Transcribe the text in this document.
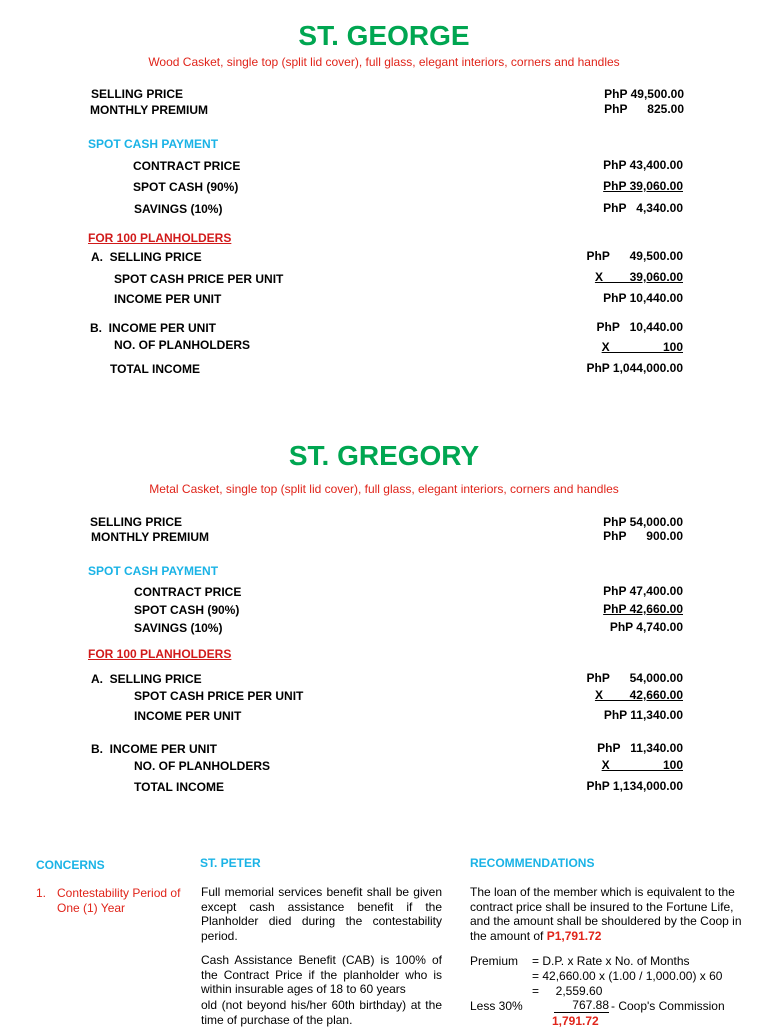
ST. GEORGE
Wood Casket, single top (split lid cover), full glass, elegant interiors, corners and handles
SELLING PRICE	PhP 49,500.00
MONTHLY PREMIUM	PhP      825.00
SPOT CASH PAYMENT
CONTRACT PRICE	PhP 43,400.00
SPOT CASH (90%)	PhP 39,060.00
SAVINGS (10%)	PhP   4,340.00
FOR 100 PLANHOLDERS
A.  SELLING PRICE	PhP      49,500.00
SPOT CASH PRICE PER UNIT	X        39,060.00
INCOME PER UNIT	PhP 10,440.00
B.  INCOME PER UNIT	PhP   10,440.00
NO. OF PLANHOLDERS	X                100
TOTAL INCOME	PhP 1,044,000.00
ST. GREGORY
Metal Casket, single top (split lid cover), full glass, elegant interiors, corners and handles
SELLING PRICE	PhP 54,000.00
MONTHLY PREMIUM	PhP      900.00
SPOT CASH PAYMENT
CONTRACT PRICE	PhP 47,400.00
SPOT CASH (90%)	PhP 42,660.00
SAVINGS (10%)	PhP 4,740.00
FOR 100 PLANHOLDERS
A.  SELLING PRICE	PhP      54,000.00
SPOT CASH PRICE PER UNIT	X        42,660.00
INCOME PER UNIT	PhP 11,340.00
B.  INCOME PER UNIT	PhP   11,340.00
NO. OF PLANHOLDERS	X                100
TOTAL INCOME	PhP 1,134,000.00
CONCERNS
1. Contestability Period of One (1) Year
ST. PETER
Full memorial services benefit shall be given except cash assistance benefit if the Planholder died during the contestability period.
Cash Assistance Benefit (CAB) is 100% of the Contract Price if the planholder who is within insurable ages of 18 to 60 years
old (not beyond his/her 60th birthday) at the time of purchase of the plan.
RECOMMENDATIONS
The loan of the member which is equivalent to the contract price shall be insured to the Fortune Life, and the amount shall be shouldered by the Coop in the amount of P1,791.72
Premium = D.P. x Rate x No. of Months
= 42,660.00 x (1.00 / 1,000.00) x 60
=     2,559.60
Less 30%	767.88 - Coop's Commission
1,791.72
